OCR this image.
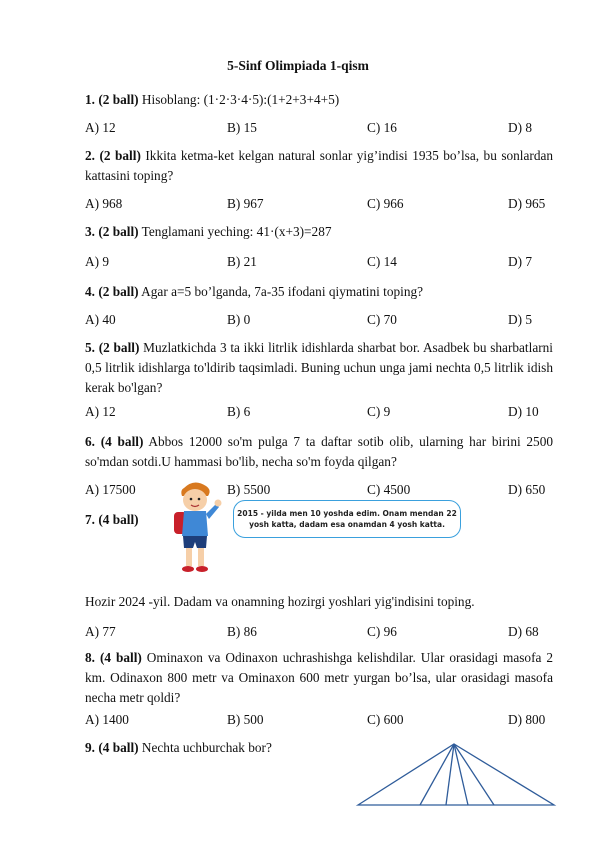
5-Sinf Olimpiada 1-qism
1. (2 ball) Hisoblang: (1·2·3·4·5):(1+2+3+4+5)
A) 12	B) 15	C) 16	D) 8
2. (2 ball) Ikkita ketma-ket kelgan natural sonlar yig’indisi 1935 bo’lsa, bu sonlardan kattasini toping?
A) 968	B) 967	C) 966	D) 965
3. (2 ball) Tenglamani yeching: 41·(x+3)=287
A) 9	B) 21	C) 14	D) 7
4. (2 ball) Agar a=5 bo’lganda, 7a-35 ifodani qiymatini toping?
A) 40	B) 0	C) 70	D) 5
5. (2 ball) Muzlatkichda 3 ta ikki litrlik idishlarda sharbat bor. Asadbek bu sharbatlarni 0,5 litrlik idishlarga to'ldirib taqsimladi. Buning uchun unga jami nechta 0,5 litrlik idish kerak bo'lgan?
A) 12	B) 6	C) 9	D) 10
6. (4 ball) Abbos 12000 so'm pulga 7 ta daftar sotib olib, ularning har birini 2500 so'mdan sotdi.U hammasi bo'lib, necha so'm foyda qilgan?
A) 17500	B) 5500	C) 4500	D) 650
7. (4 ball)	2015 - yilda men 10 yoshda edim. Onam mendan 22 yosh katta, dadam esa onamdan 4 yosh katta.
Hozir 2024 -yil. Dadam va onamning hozirgi yoshlari yig'indisini toping.
A) 77	B) 86	C) 96	D) 68
8. (4 ball) Ominaxon va Odinaxon uchrashishga kelishdilar. Ular orasidagi masofa 2 km. Odinaxon 800 metr va Ominaxon 600 metr yurgan bo’lsa, ular orasidagi masofa necha metr qoldi?
A) 1400	B) 500	C) 600	D) 800
9. (4 ball) Nechta uchburchak bor?
